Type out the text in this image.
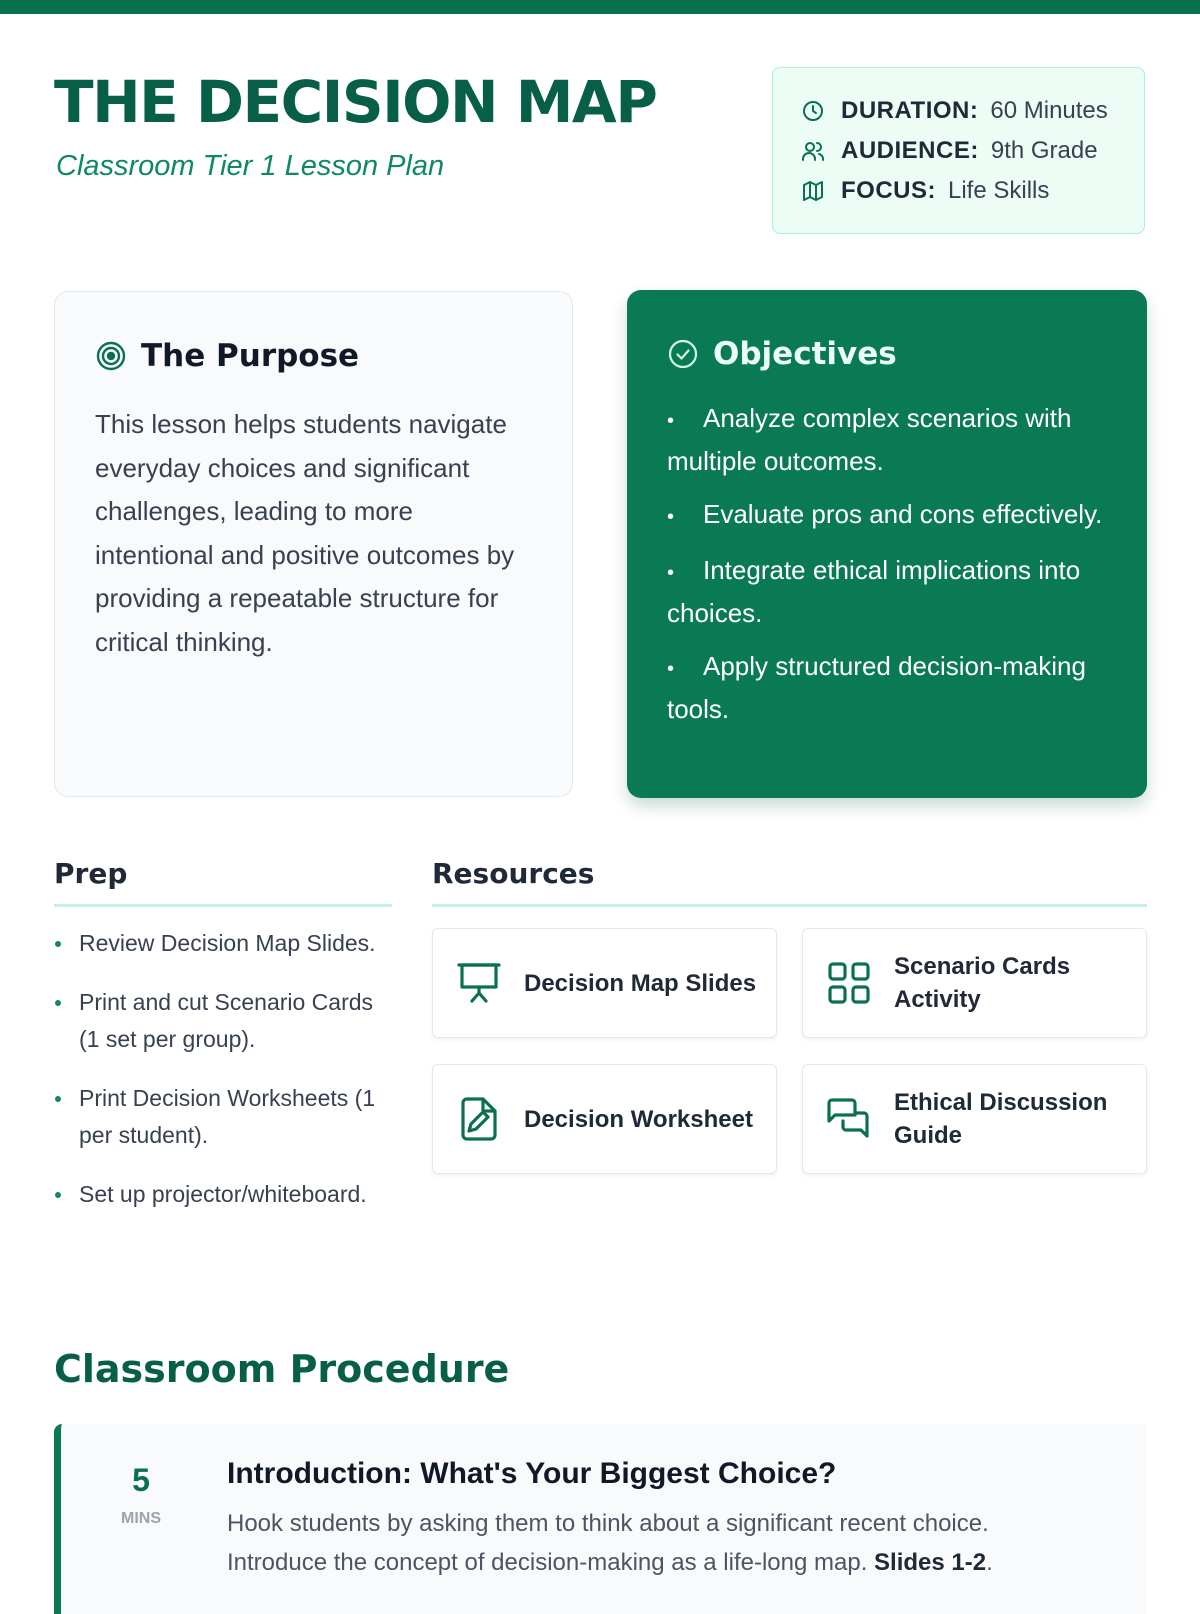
THE DECISION MAP
Classroom Tier 1 Lesson Plan
DURATION: 60 Minutes
AUDIENCE: 9th Grade
FOCUS: Life Skills
The Purpose

This lesson helps students navigate everyday choices and significant challenges, leading to more intentional and positive outcomes by providing a repeatable structure for critical thinking.

Objectives
• Analyze complex scenarios with multiple outcomes.
• Evaluate pros and cons effectively.
• Integrate ethical implications into choices.
• Apply structured decision-making tools.
Prep
Review Decision Map Slides.
Print and cut Scenario Cards (1 set per group).
Print Decision Worksheets (1 per student).
Set up projector/whiteboard.
Resources
Decision Map Slides
Scenario Cards Activity
Decision Worksheet
Ethical Discussion Guide
Classroom Procedure
5
MINS
Introduction: What's Your Biggest Choice?

Hook students by asking them to think about a significant recent choice. Introduce the concept of decision-making as a life-long map. Slides 1-2.
